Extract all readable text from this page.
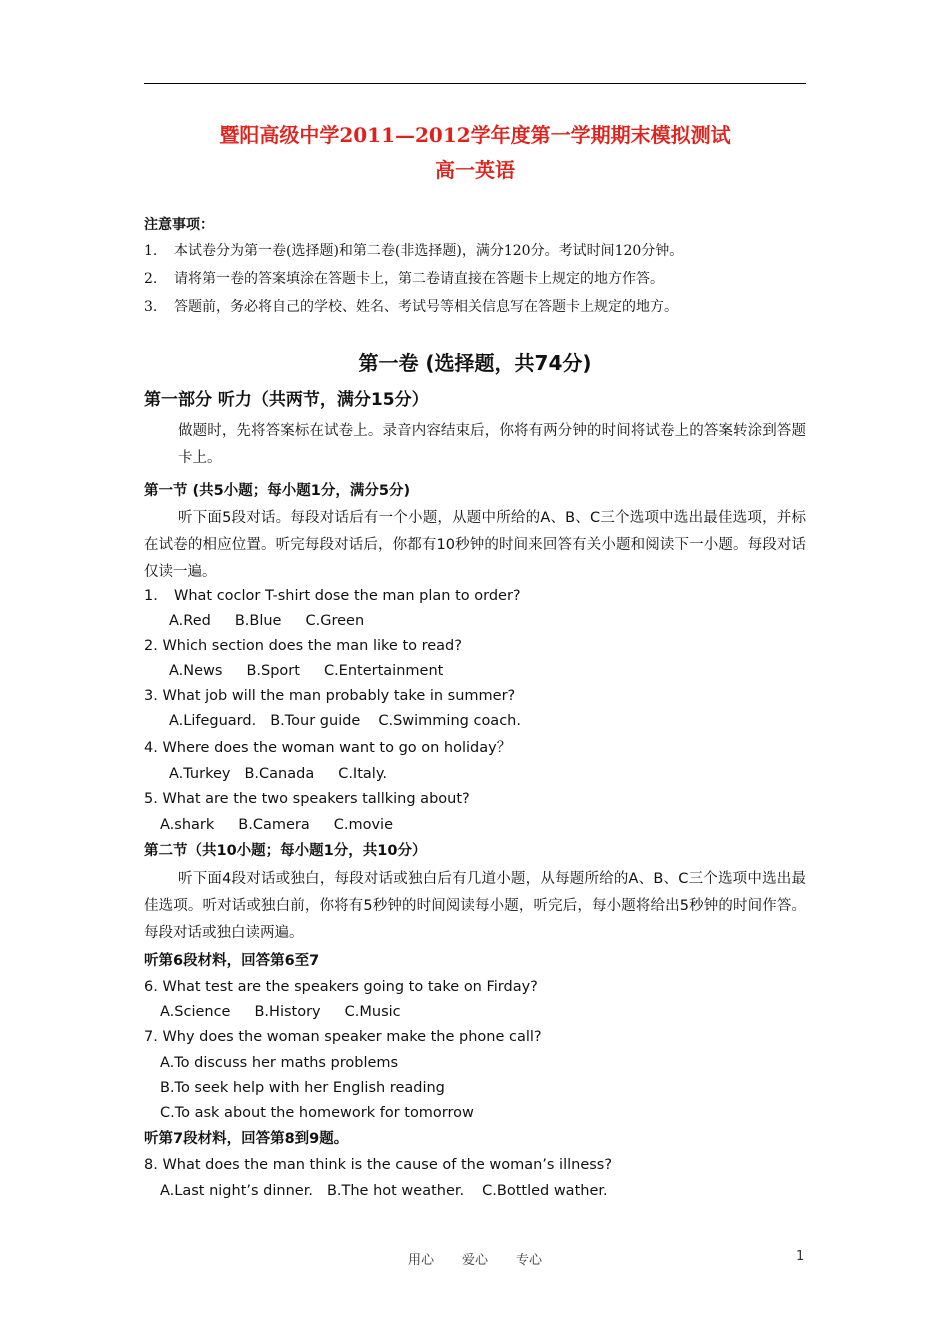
暨阳高级中学2011—2012学年度第一学期期末模拟测试
高一英语
注意事项：
1. 本试卷分为第一卷(选择题)和第二卷(非选择题)，满分120分。考试时间120分钟。
2. 请将第一卷的答案填涂在答题卡上，第二卷请直接在答题卡上规定的地方作答。
3. 答题前，务必将自己的学校、姓名、考试号等相关信息写在答题卡上规定的地方。
第一卷 (选择题，共74分)
第一部分 听力（共两节，满分15分）
做题时，先将答案标在试卷上。录音内容结束后，你将有两分钟的时间将试卷上的答案转涂到答题卡上。
第一节 (共5小题；每小题1分，满分5分)
听下面5段对话。每段对话后有一个小题，从题中所给的A、B、C三个选项中选出最佳选项，并标在试卷的相应位置。听完每段对话后，你都有10秒钟的时间来回答有关小题和阅读下一小题。每段对话仅读一遍。
1. What coclor T-shirt dose the man plan to order?
A.Red B.Blue C.Green
2. Which section does the man like to read?
A.News B.Sport C.Entertainment
3. What job will the man probably take in summer?
A.Lifeguard. B.Tour guide C.Swimming coach.
4. Where does the woman want to go on holiday？
A.Turkey B.Canada C.Italy.
5. What are the two speakers tallking about?
A.shark B.Camera C.movie
第二节（共10小题；每小题1分，共10分）
听下面4段对话或独白，每段对话或独白后有几道小题，从每题所给的A、B、C三个选项中选出最佳选项。听对话或独白前，你将有5秒钟的时间阅读每小题，听完后，每小题将给出5秒钟的时间作答。每段对话或独白读两遍。
听第6段材料，回答第6至7
6. What test are the speakers going to take on Firday?
A.Science B.History C.Music
7. Why does the woman speaker make the phone call?
A.To discuss her maths problems
B.To seek help with her English reading
C.To ask about the homework for tomorrow
听第7段材料，回答第8到9题。
8. What does the man think is the cause of the woman’s illness?
A.Last night’s dinner. B.The hot weather. C.Bottled wather.
用心 爱心 专心	1
